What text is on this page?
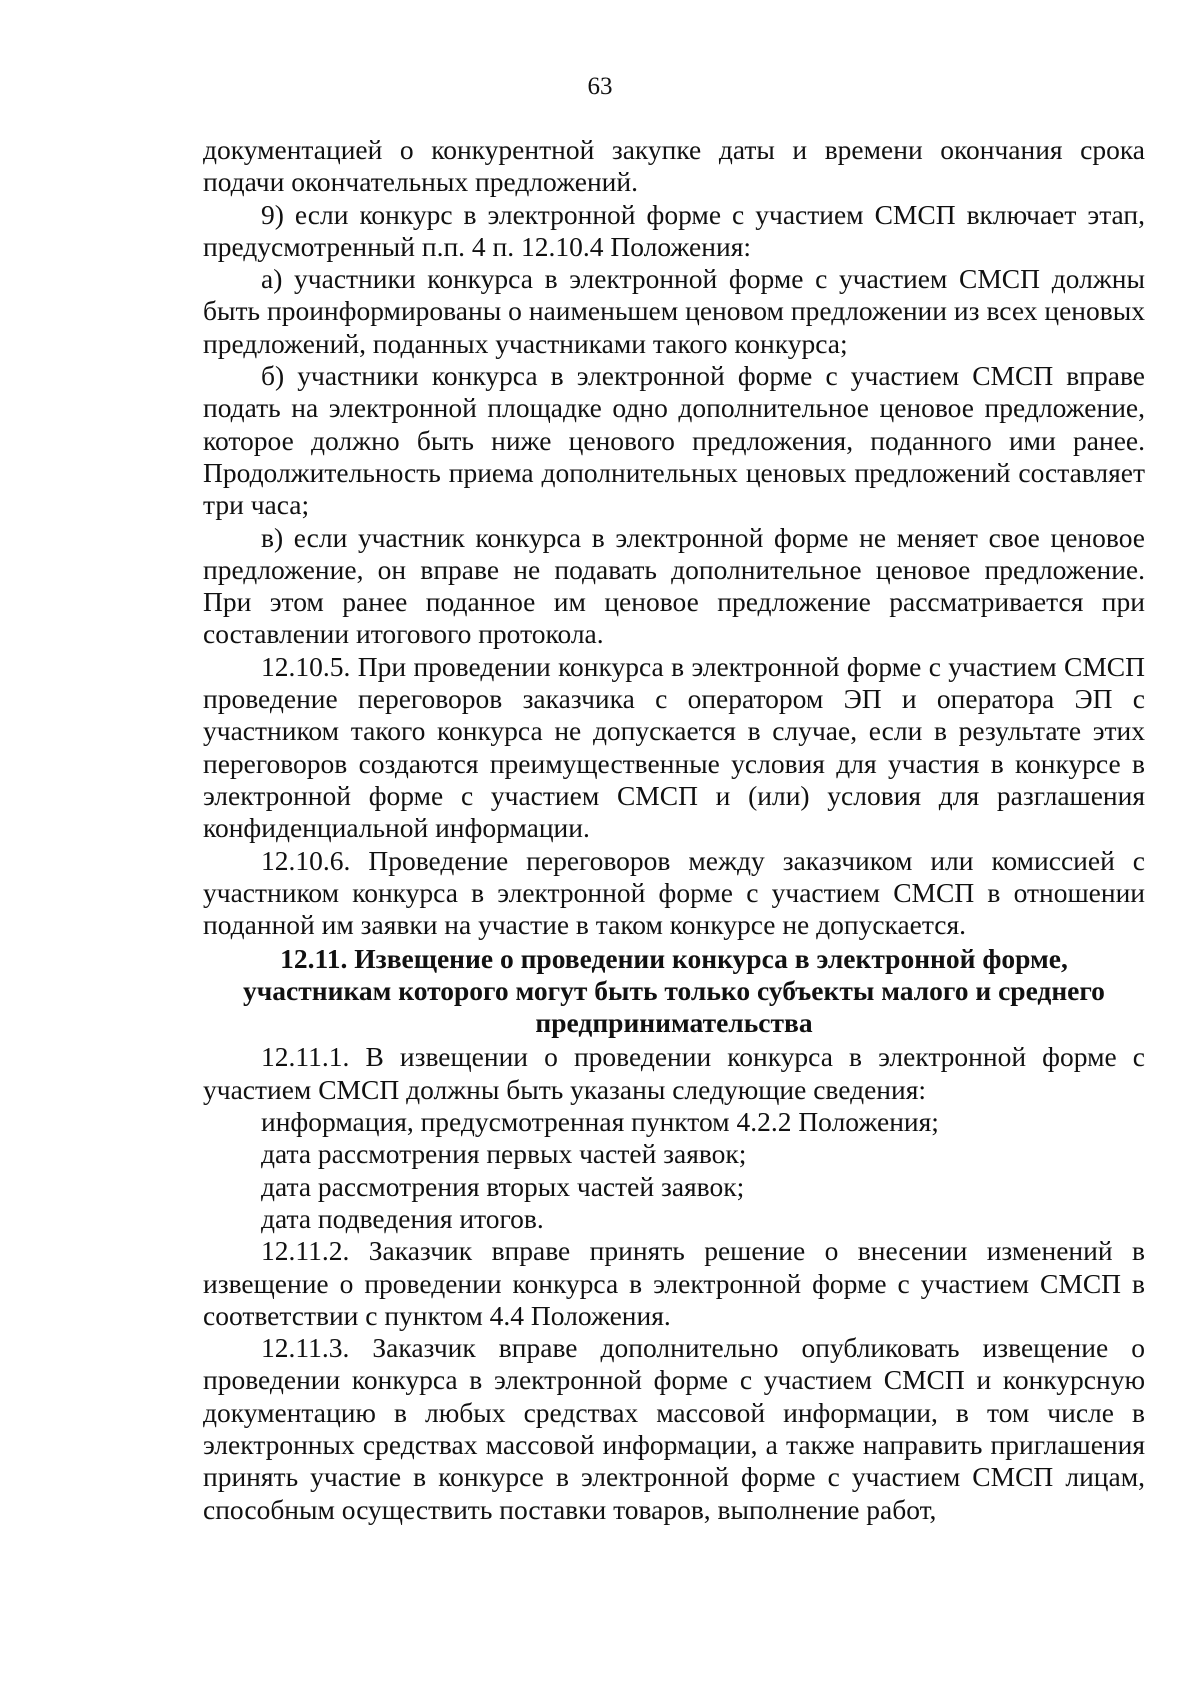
63

документацией о конкурентной закупке даты и времени окончания срока подачи окончательных предложений.

9) если конкурс в электронной форме с участием СМСП включает этап, предусмотренный п.п. 4 п. 12.10.4 Положения:

а) участники конкурса в электронной форме с участием СМСП должны быть проинформированы о наименьшем ценовом предложении из всех ценовых предложений, поданных участниками такого конкурса;

б) участники конкурса в электронной форме с участием СМСП вправе подать на электронной площадке одно дополнительное ценовое предложение, которое должно быть ниже ценового предложения, поданного ими ранее. Продолжительность приема дополнительных ценовых предложений составляет три часа;

в) если участник конкурса в электронной форме не меняет свое ценовое предложение, он вправе не подавать дополнительное ценовое предложение. При этом ранее поданное им ценовое предложение рассматривается при составлении итогового протокола.

12.10.5. При проведении конкурса в электронной форме с участием СМСП проведение переговоров заказчика с оператором ЭП и оператора ЭП с участником такого конкурса не допускается в случае, если в результате этих переговоров создаются преимущественные условия для участия в конкурсе в электронной форме с участием СМСП и (или) условия для разглашения конфиденциальной информации.

12.10.6. Проведение переговоров между заказчиком или комиссией с участником конкурса в электронной форме с участием СМСП в отношении поданной им заявки на участие в таком конкурсе не допускается.

12.11. Извещение о проведении конкурса в электронной форме,
участникам которого могут быть только субъекты малого и среднего
предпринимательства

12.11.1. В извещении о проведении конкурса в электронной форме с участием СМСП должны быть указаны следующие сведения:

информация, предусмотренная пунктом 4.2.2 Положения;

дата рассмотрения первых частей заявок;

дата рассмотрения вторых частей заявок;

дата подведения итогов.

12.11.2. Заказчик вправе принять решение о внесении изменений в извещение о проведении конкурса в электронной форме с участием СМСП в соответствии с пунктом 4.4 Положения.

12.11.3. Заказчик вправе дополнительно опубликовать извещение о проведении конкурса в электронной форме с участием СМСП и конкурсную документацию в любых средствах массовой информации, в том числе в электронных средствах массовой информации, а также направить приглашения принять участие в конкурсе в электронной форме с участием СМСП лицам, способным осуществить поставки товаров, выполнение работ,
